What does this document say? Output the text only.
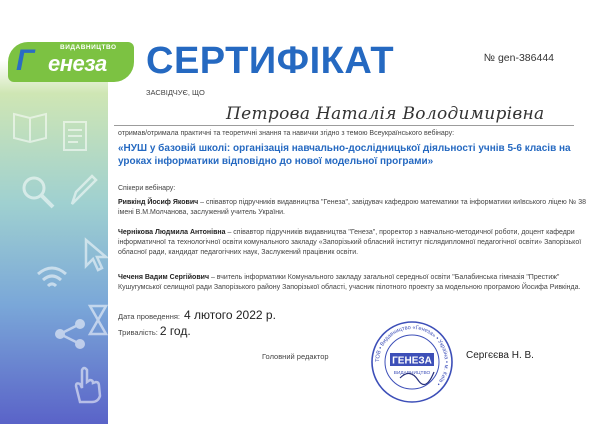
Г	ВИДАВНИЦТВО
енеза СЕРТИФІКАТ	№ gen-386444
ЗАСВІДЧУЄ, ЩО
Петрова Наталія Володимирівна
отримав/отримала практичні та теоретичні знання та навички згідно з темою Всеукраїнського вебінару:
«НУШ у базовій школі: організація навчально-дослідницької діяльності учнів 5-6 класів на уроках інформатики відповідно до нової модельної програми»
Спікери вебінару:
Ривкінд Йосиф Якович – співавтор підручників видавництва "Генеза", завідувач кафедрою математики та інформатики київського ліцею № 38 імені В.М.Молчанова, заслужений учитель України.
Чернікова Людмила Антонівна – співавтор підручників видавництва "Генеза", проректор з навчально-методичної роботи, доцент кафедри інформатичної та технологічної освіти комунального закладу «Запорізький обласний інститут післядипломної педагогічної освіти» Запорізької обласної ради, кандидат педагогічних наук, Заслужений працівник освіти.
Чеченя Вадим Сергійович – вчитель інформатики Комунального закладу загальної середньої освіти "Балабинська гімназія "Престиж" Кушугумської селищної ради Запорізького району Запорізької області, учасник пілотного проекту за модельною програмою Йосифа Ривкінда.
Дата проведення: 4 лютого 2022 р.
Тривалість: 2 год.
Головний редактор	ТОВ • Видавництво «Генеза» • Україна • м. Київ •
ГЕНЕЗА
ВИДАВНИЦТВО
Сергєєва Н. В.
